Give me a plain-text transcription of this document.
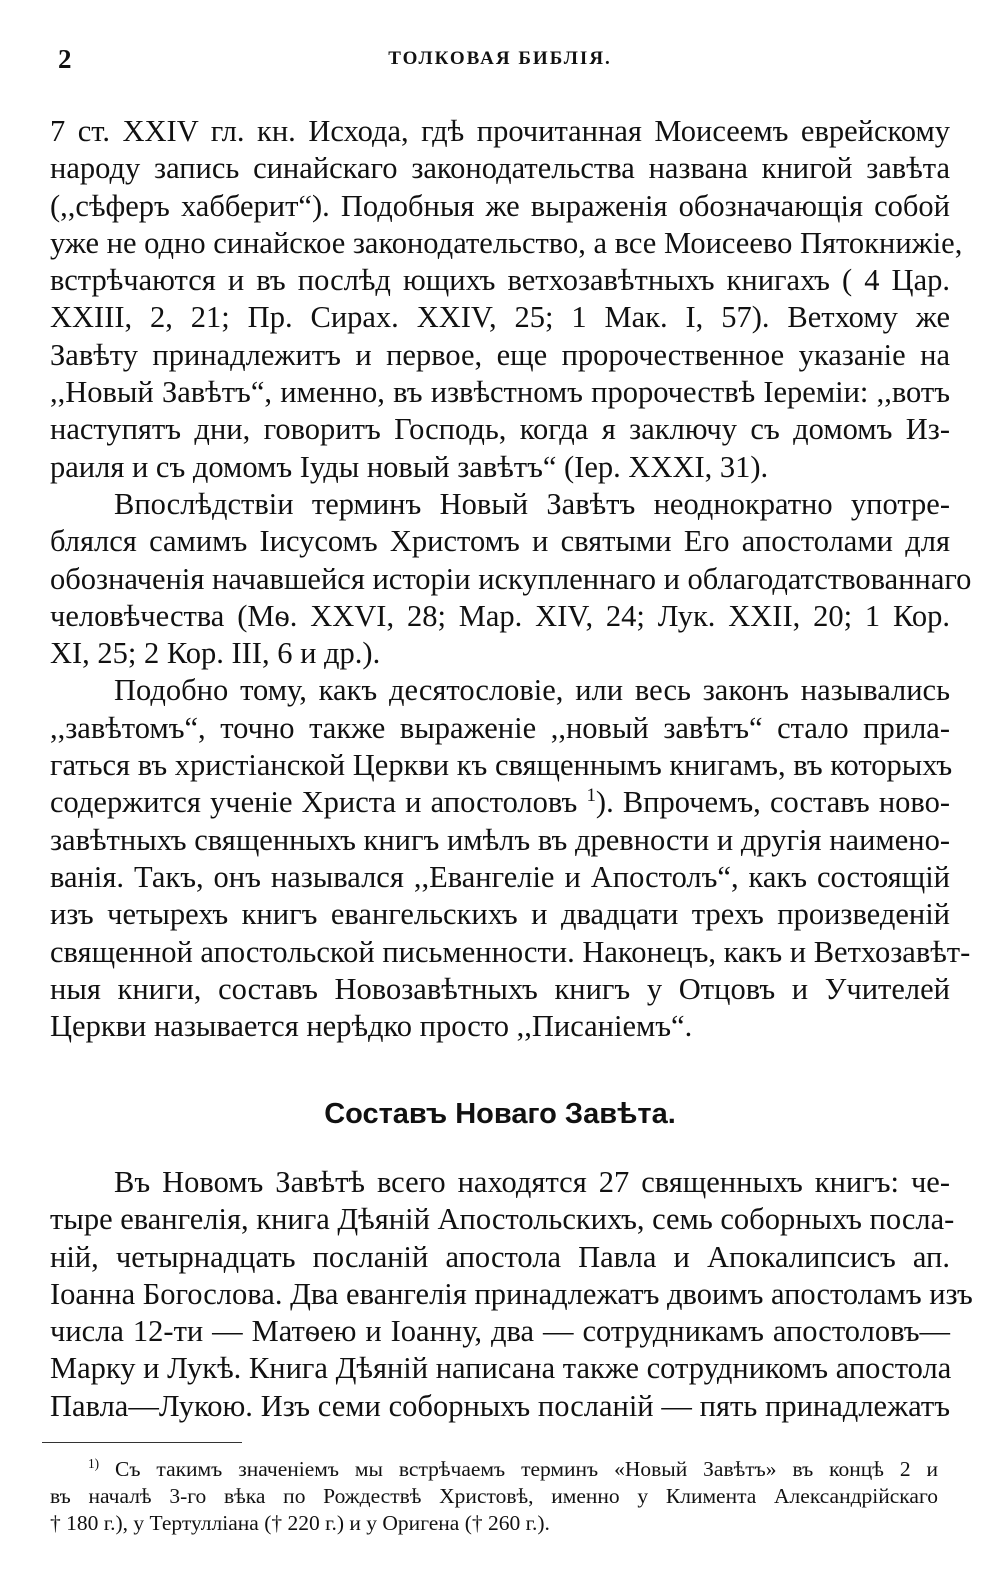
2	ТОЛКОВАЯ БИБЛІЯ.
7 ст. XXIV гл. кн. Исхода, гдѣ прочитанная Моисеемъ еврейскому
народу запись синайскаго законодательства названа книгой завѣта
(,,сѣферъ хабберит“). Подобныя же выраженія обозначающія собой
уже не одно синайское законодательство, а все Моисеево Пятокнижіе,
встрѣчаются и въ послѣд ющихъ ветхозавѣтныхъ книгахъ ( 4 Цар.
XXIII, 2, 21; Пр. Сирах. XXIV, 25; 1 Мак. I, 57). Ветхому же
Завѣту принадлежитъ и первое, еще пророчественное указаніе на
,,Новый Завѣтъ“, именно, въ извѣстномъ пророчествѣ Іереміи: ,,вотъ
наступятъ дни, говоритъ Господь, когда я заключу съ домомъ Из-
раиля и съ домомъ Іуды новый завѣтъ“ (Іер. XXXI, 31).
Впослѣдствіи терминъ Новый Завѣтъ неоднократно употре-
блялся самимъ Іисусомъ Христомъ и святыми Его апостолами для
обозначенія начавшейся исторіи искупленнаго и облагодатствованнаго
человѣчества (Мѳ. XXVI, 28; Мар. XIV, 24; Лук. XXII, 20; 1 Кор.
XI, 25; 2 Кор. III, 6 и др.).
Подобно тому, какъ десятословіе, или весь законъ назывались
,,завѣтомъ“, точно также выраженіе ,,новый завѣтъ“ стало прила-
гаться въ христіанской Церкви къ священнымъ книгамъ, въ которыхъ
содержится ученіе Христа и апостоловъ $^1$). Впрочемъ, составъ ново-
завѣтныхъ священныхъ книгъ имѣлъ въ древности и другія наимено-
ванія. Такъ, онъ назывался ,,Евангеліе и Апостолъ“, какъ состоящій
изъ четырехъ книгъ евангельскихъ и двадцати трехъ произведеній
священной апостольской письменности. Наконецъ, какъ и Ветхозавѣт-
ныя книги, составъ Новозавѣтныхъ книгъ у Отцовъ и Учителей
Церкви называется нерѣдко просто ,,Писаніемъ“.
Составъ Новаго Завѣта.
Въ Новомъ Завѣтѣ всего находятся 27 священныхъ книгъ: че-
тыре евангелія, книга Дѣяній Апостольскихъ, семь соборныхъ посла-
ній, четырнадцать посланій апостола Павла и Апокалипсисъ ап.
Іоанна Богослова. Два евангелія принадлежатъ двоимъ апостоламъ изъ
числа 12-ти — Матѳею и Іоанну, два — сотрудникамъ апостоловъ—
Марку и Лукѣ. Книга Дѣяній написана также сотрудникомъ апостола
Павла—Лукою. Изъ семи соборныхъ посланій — пять принадлежатъ
$^{1)}$ Съ такимъ значеніемъ мы встрѣчаемъ терминъ «Новый Завѣтъ» въ концѣ 2 и
въ началѣ 3-го вѣка по Рождествѣ Христовѣ, именно у Климента Александрійскаго
† 180 г.), у Тертулліана († 220 г.) и у Оригена († 260 г.).
